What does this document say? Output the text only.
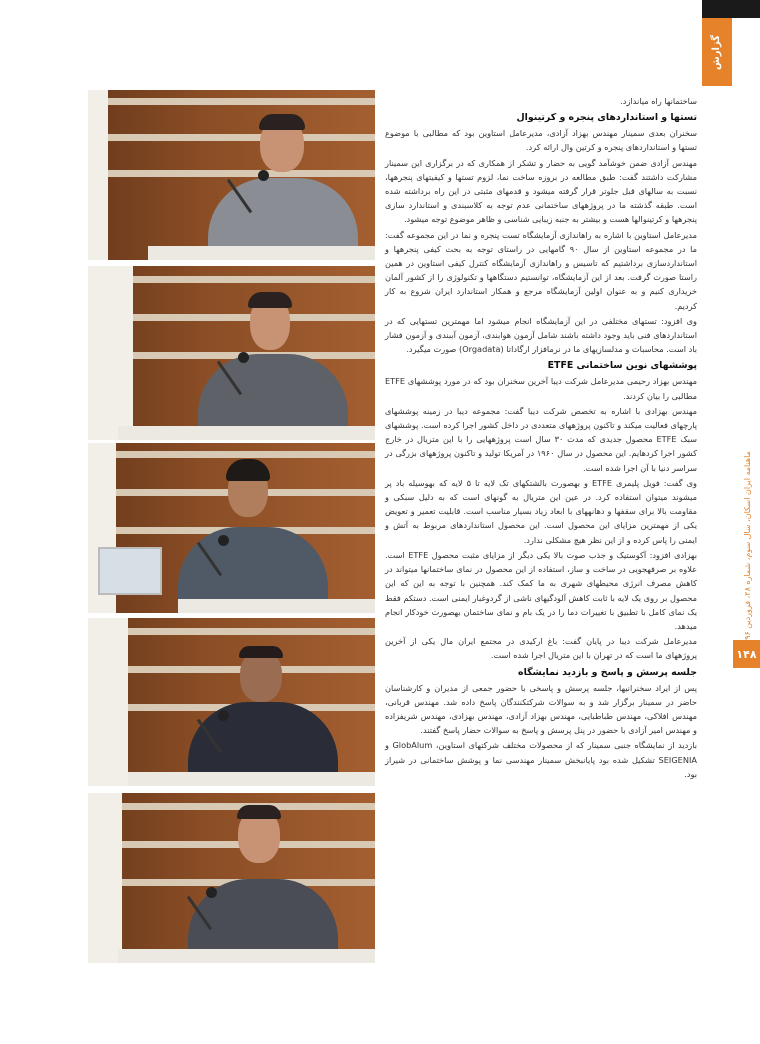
گزارش
ماهنامه ایران اسکان، سال سوم، شماره ۲۸، فروردین ۹۶
۱۴۸

ساختمانها راه میاندازد.

تستها و استانداردهای پنجره و کرتینوال

سخنران بعدی سمینار مهندس بهزاد آزادی، مدیرعامل استاوین بود که مطالبی با موضوع تستها و استانداردهای پنجره و کرتین وال ارائه کرد.

مهندس آزادی ضمن خوشآمد گویی به حضار و تشکر از همکاری که در برگزاری این سمینار مشارکت داشتند گفت: طبق مطالعه در بروزه ساخت نما، لزوم تستها و کیفیتهای پنجرهها، نسبت به سالهای قبل جلوتر قرار گرفته میشود و قدمهای مثبتی در این راه برداشته شده است. طبقه گذشته ما در پروژههای ساختمانی عدم توجه به کلاسبندی و استاندارد سازی پنجرهها و کرتینوالها هست و بیشتر به جنبه زیبایی شناسی و ظاهر موضوع توجه میشود.

مدیرعامل استاوین با اشاره به راهاندازی آزمایشگاه تست پنجره و نما در این مجموعه گفت: ما در مجموعه استاوین از سال ۹۰ گامهایی در راستای توجه به بحث کیفی پنجرهها و استانداردسازی برداشتیم که تاسیس و راهاندازی آزمایشگاه کنترل کیفی استاوین در همین راستا صورت گرفت. بعد از این آزمایشگاه، توانستیم دستگاهها و تکنولوژی را از کشور آلمان خریداری کنیم و به عنوان اولین آزمایشگاه مرجع و همکار استاندارد ایران شروع به کار کردیم.

وی افزود: تستهای مختلفی در این آزمایشگاه انجام میشود اما مهمترین تستهایی که در استانداردهای فنی باید وجود داشته باشند شامل آزمون هوابندی، آزمون آببندی و آزمون فشار باد است. محاسبات و مدلسازیهای ما در نرمافزار ارگاداتا (Orgadata) صورت میگیرد.

پوششهای نوین ساختمانی ETFE

مهندس بهزاد رحیمی مدیرعامل شرکت دیبا آخرین سخنران بود که در مورد پوششهای ETFE مطالبی را بیان کردند.

مهندس بهزادی با اشاره به تخصص شرکت دیبا گفت: مجموعه دیبا در زمینه پوششهای پارچهای فعالیت میکند و تاکنون پروژههای متعددی در داخل کشور اجرا کرده است. پوششهای سبک ETFE محصول جدیدی که مدت ۳۰ سال است پروژههایی را با این متریال در خارج کشور اجرا کردهایم. این محصول در سال ۱۹۶۰ در آمریکا تولید و تاکنون پروژههای بزرگی در سراسر دنیا با آن اجرا شده است.

وی گفت: فویل پلیمری ETFE و بهصورت بالشتکهای تک لایه تا ۵ لایه که بهوسیله باد پر میشوند میتوان استفاده کرد. در عین این متریال به گونهای است که به دلیل سبکی و مقاومت بالا برای سقفها و دهانههای با ابعاد زیاد بسیار مناسب است. قابلیت تعمیر و تعویض یکی از مهمترین مزایای این محصول است. این محصول استانداردهای مربوط به آتش و ایمنی را پاس کرده و از این نظر هیچ مشکلی ندارد.

بهزادی افزود: آکوستیک و جذب صوت بالا یکی دیگر از مزایای مثبت محصول ETFE است. علاوه بر صرفهجویی در ساخت و ساز، استفاده از این محصول در نمای ساختمانها میتواند در کاهش مصرف انرژی محیطهای شهری به ما کمک کند. همچنین با توجه به این که این محصول بر روی یک لایه با ثابت کاهش آلودگیهای ناشی از گردوغبار ایمنی است. دستکم فقط یک نمای کامل با تطبیق با تغییرات دما را در یک بام و نمای ساختمان بهصورت خودکار انجام میدهد.

مدیرعامل شرکت دیبا در پایان گفت: باغ ارکیدی در مجتمع ایران مال یکی از آخرین پروژههای ما است که در تهران با این متریال اجرا شده است.

جلسه پرسش و پاسخ و بازدید نمایشگاه

پس از ایراد سخنرانیها، جلسه پرسش و پاسخی با حضور جمعی از مدیران و کارشناسان حاضر در سمینار برگزار شد و به سوالات شرکتکنندگان پاسخ داده شد. مهندس قربانی، مهندس افلاکی، مهندس طباطبایی، مهندس بهزاد آزادی، مهندس بهزادی، مهندس شریفزاده و مهندس امیر آزادی با حضور در پنل پرسش و پاسخ به سوالات حضار پاسخ گفتند.

بازدید از نمایشگاه جنبی سمینار که از محصولات مختلف شرکتهای استاوین، GlobAlum و SEIGENIA تشکیل شده بود پایانبخش سمینار مهندسی نما و پوشش ساختمانی در شیراز بود.
